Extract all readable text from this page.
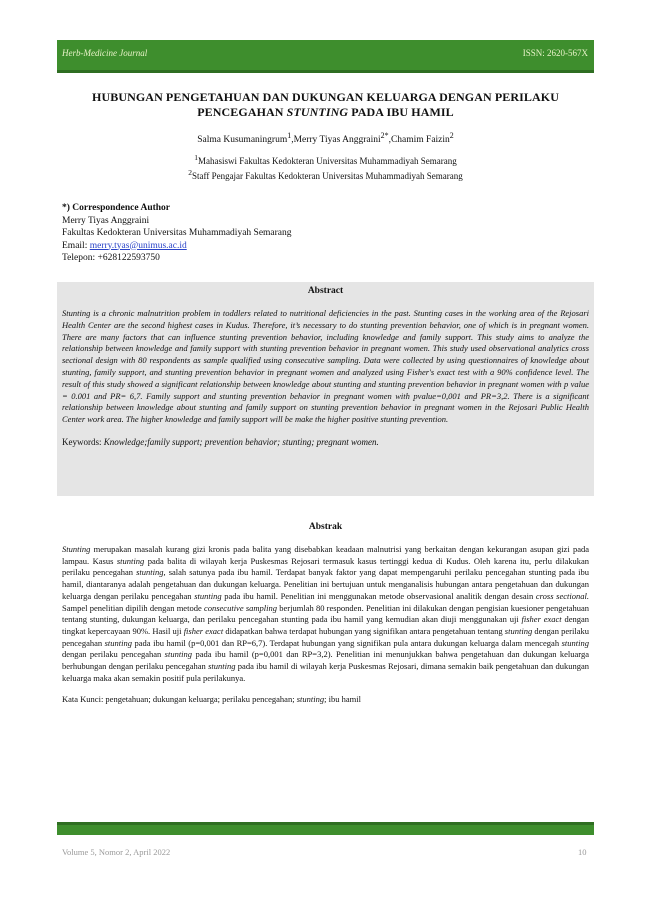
Herb-Medicine Journal	ISSN: 2620-567X
HUBUNGAN PENGETAHUAN DAN DUKUNGAN KELUARGA DENGAN PERILAKU
PENCEGAHAN STUNTING PADA IBU HAMIL
Salma Kusumaningrum$^1$,Merry Tiyas Anggraini$^{2*}$,Chamim Faizin$^2$
$^1$Mahasiswi Fakultas Kedokteran Universitas Muhammadiyah Semarang
$^2$Staff Pengajar Fakultas Kedokteran Universitas Muhammadiyah Semarang
*) Correspondence Author
Merry Tiyas Anggraini
Fakultas Kedokteran Universitas Muhammadiyah Semarang
Email: merry.tyas@unimus.ac.id
Telepon: +628122593750
Abstract
Stunting is a chronic malnutrition problem in toddlers related to nutritional deficiencies in the past. Stunting cases in the working area of the Rejosari Health Center are the second highest cases in Kudus. Therefore, it’s necessary to do stunting prevention behavior, one of which is in pregnant women. There are many factors that can influence stunting prevention behavior, including knowledge and family support. This study aims to analyze the relationship between knowledge and family support with stunting prevention behavior in pregnant women. This study used observational analytics cross sectional design with 80 respondents as sample qualified using consecutive sampling. Data were collected by using questionnaires of knowledge about stunting, family support, and stunting prevention behavior in pregnant women and analyzed using Fisher's exact test with a 90% confidence level. The result of this study showed a significant relationship between knowledge about stunting and stunting prevention behavior in pregnant women with p value = 0.001 and PR= 6,7. Family support and stunting prevention behavior in pregnant women with pvalue=0,001 and PR=3,2. There is a significant relationship between knowledge about stunting and family support on stunting prevention behavior in pregnant women in the Rejosari Public Health Center work area. The higher knowledge and family support will be make the higher positive stunting prevention.
Keywords: Knowledge;family support; prevention behavior; stunting; pregnant women.
Abstrak
Stunting merupakan masalah kurang gizi kronis pada balita yang disebabkan keadaan malnutrisi yang berkaitan dengan kekurangan asupan gizi pada lampau. Kasus stunting pada balita di wilayah kerja Puskesmas Rejosari termasuk kasus tertinggi kedua di Kudus. Oleh karena itu, perlu dilakukan perilaku pencegahan stunting, salah satunya pada ibu hamil. Terdapat banyak faktor yang dapat mempengaruhi perilaku pencegahan stunting pada ibu hamil, diantaranya adalah pengetahuan dan dukungan keluarga. Penelitian ini bertujuan untuk menganalisis hubungan antara pengetahuan dan dukungan keluarga dengan perilaku pencegahan stunting pada ibu hamil. Penelitian ini menggunakan metode observasional analitik dengan desain cross sectional. Sampel penelitian dipilih dengan metode consecutive sampling berjumlah 80 responden. Penelitian ini dilakukan dengan pengisian kuesioner pengetahuan tentang stunting, dukungan keluarga, dan perilaku pencegahan stunting pada ibu hamil yang kemudian akan diuji menggunakan uji fisher exact dengan tingkat kepercayaan 90%. Hasil uji fisher exact didapatkan bahwa terdapat hubungan yang signifikan antara pengetahuan tentang stunting dengan perilaku pencegahan stunting pada ibu hamil (p=0,001 dan RP=6,7). Terdapat hubungan yang signifikan pula antara dukungan keluarga dalam mencegah stunting dengan perilaku pencegahan stunting pada ibu hamil (p=0,001 dan RP=3,2). Penelitian ini menunjukkan bahwa pengetahuan dan dukungan keluarga berhubungan dengan perilaku pencegahan stunting pada ibu hamil di wilayah kerja Puskesmas Rejosari, dimana semakin baik pengetahuan dan dukungan keluarga maka akan semakin positif pula perilakunya.
Kata Kunci: pengetahuan; dukungan keluarga; perilaku pencegahan; stunting; ibu hamil
Volume 5, Nomor 2, April 2022	10
